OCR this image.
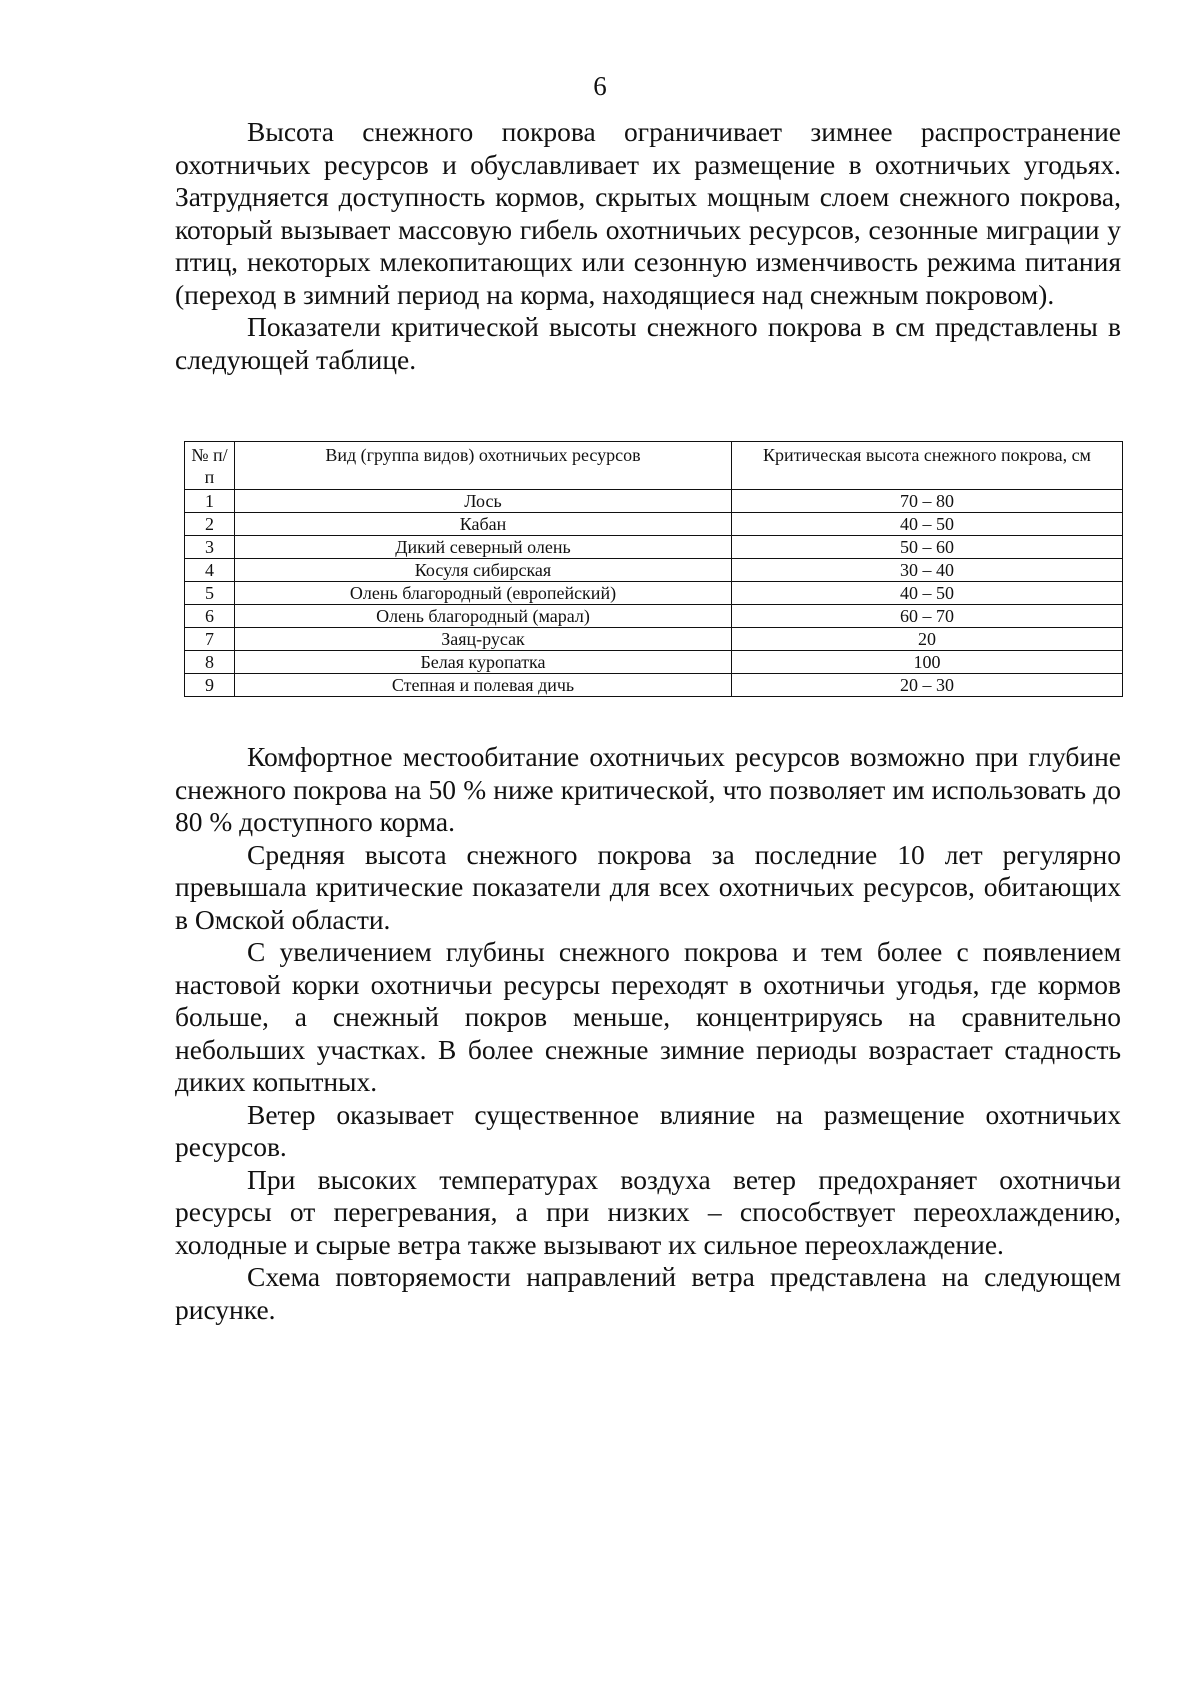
6

Высота снежного покрова ограничивает зимнее распространение охотничьих ресурсов и обуславливает их размещение в охотничьих угодьях. Затрудняется доступность кормов, скрытых мощным слоем снежного покрова, который вызывает массовую гибель охотничьих ресурсов, сезонные миграции у птиц, некоторых млекопитающих или сезонную изменчивость режима питания (переход в зимний период на корма, находящиеся над снежным покровом).

Показатели критической высоты снежного покрова в см представлены в следующей таблице.

№ п/п	Вид (группа видов) охотничьих ресурсов	Критическая высота снежного покрова, см
1	Лось	70 – 80
2	Кабан	40 – 50
3	Дикий северный олень	50 – 60
4	Косуля сибирская	30 – 40
5	Олень благородный (европейский)	40 – 50
6	Олень благородный (марал)	60 – 70
7	Заяц-русак	20
8	Белая куропатка	100
9	Степная и полевая дичь	20 – 30

Комфортное местообитание охотничьих ресурсов возможно при глубине снежного покрова на 50 % ниже критической, что позволяет им использовать до 80 % доступного корма.

Средняя высота снежного покрова за последние 10 лет регулярно превышала критические показатели для всех охотничьих ресурсов, обитающих в Омской области.

С увеличением глубины снежного покрова и тем более с появлением настовой корки охотничьи ресурсы переходят в охотничьи угодья, где кормов больше, а снежный покров меньше, концентрируясь на сравнительно небольших участках. В более снежные зимние периоды возрастает стадность диких копытных.

Ветер оказывает существенное влияние на размещение охотничьих ресурсов.

При высоких температурах воздуха ветер предохраняет охотничьи ресурсы от перегревания, а при низких – способствует переохлаждению, холодные и сырые ветра также вызывают их сильное переохлаждение.

Схема повторяемости направлений ветра представлена на следующем рисунке.
